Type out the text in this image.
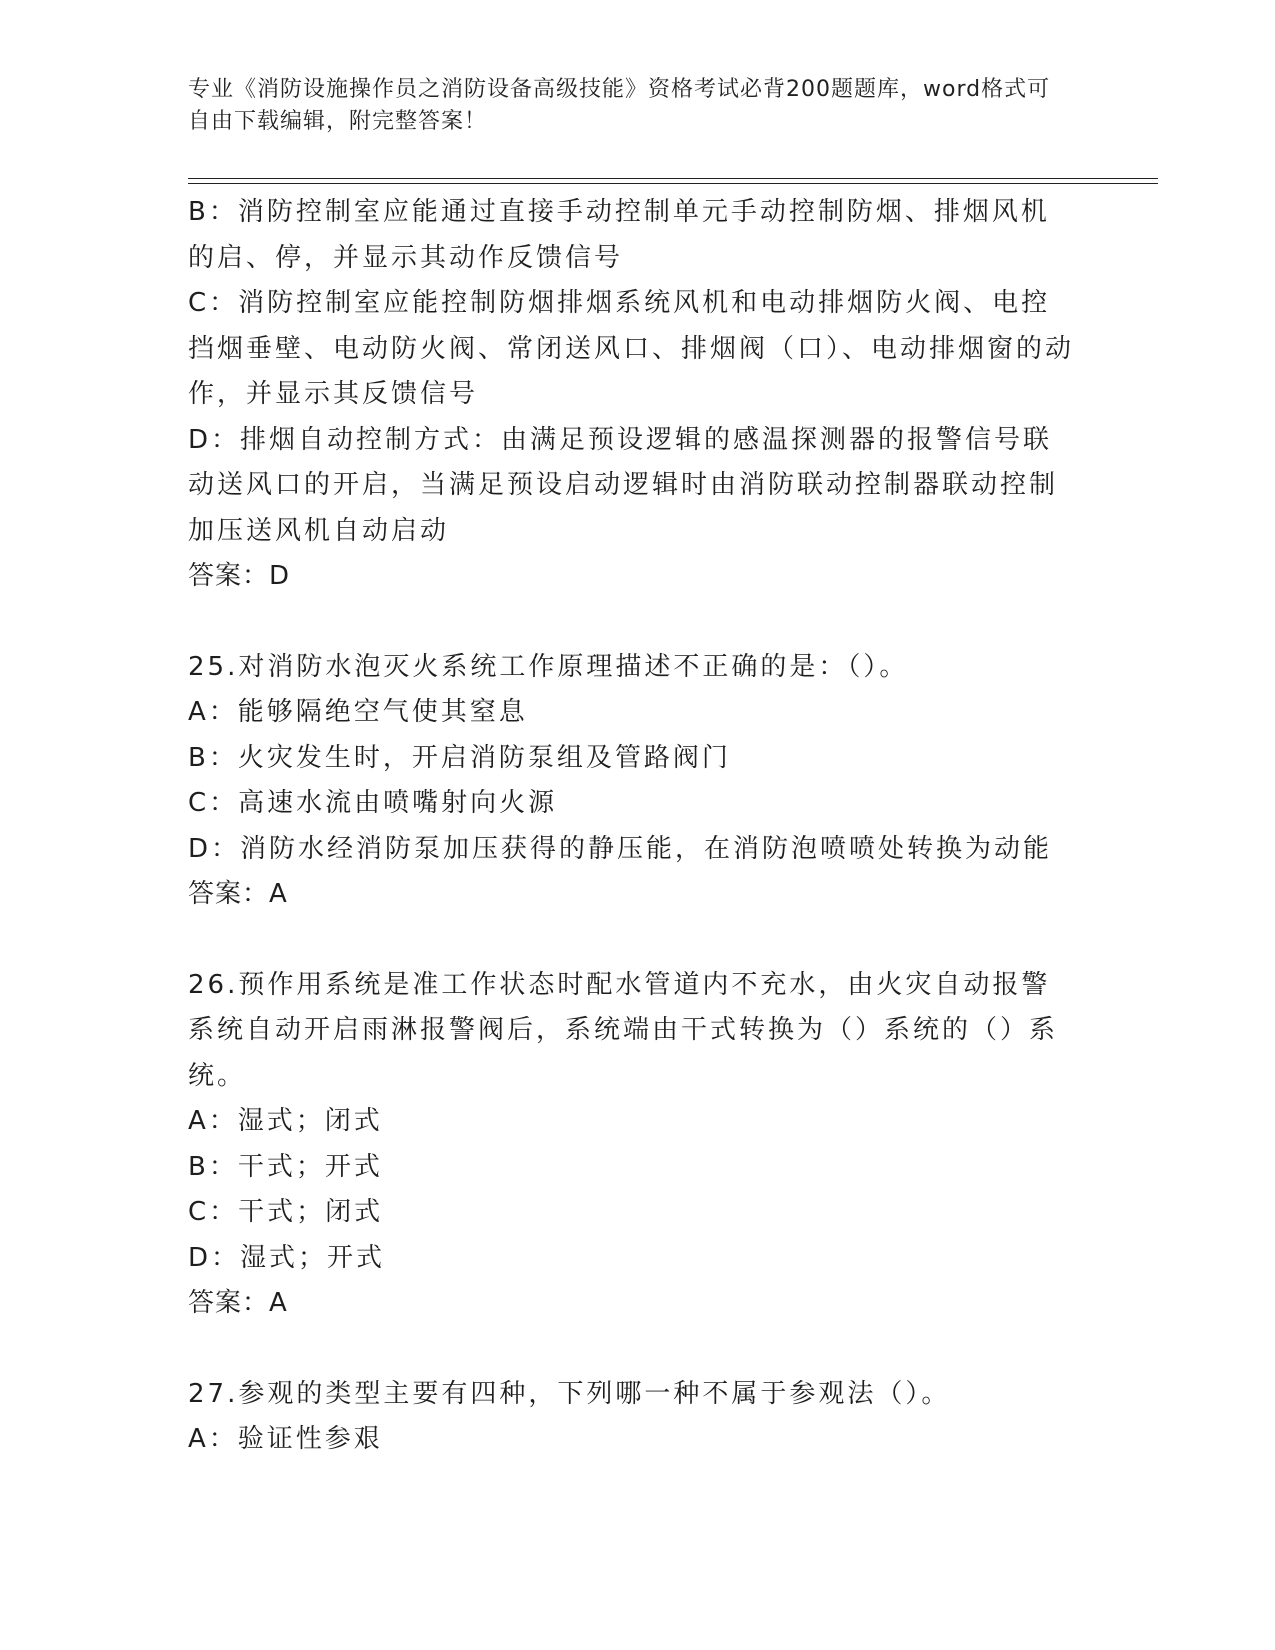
专业《消防设施操作员之消防设备高级技能》资格考试必背200题题库，word格式可自由下载编辑，附完整答案！

B：消防控制室应能通过直接手动控制单元手动控制防烟、排烟风机的启、停，并显示其动作反馈信号

C：消防控制室应能控制防烟排烟系统风机和电动排烟防火阀、电控挡烟垂壁、电动防火阀、常闭送风口、排烟阀（口）、电动排烟窗的动作，并显示其反馈信号

D：排烟自动控制方式：由满足预设逻辑的感温探测器的报警信号联动送风口的开启，当满足预设启动逻辑时由消防联动控制器联动控制加压送风机自动启动

答案：D

25.对消防水泡灭火系统工作原理描述不正确的是：（）。

A：能够隔绝空气使其窒息

B：火灾发生时，开启消防泵组及管路阀门

C：高速水流由喷嘴射向火源

D：消防水经消防泵加压获得的静压能，在消防泡喷喷处转换为动能

答案：A

26.预作用系统是准工作状态时配水管道内不充水，由火灾自动报警系统自动开启雨淋报警阀后，系统端由干式转换为（）系统的（）系统。

A：湿式；闭式

B：干式；开式

C：干式；闭式

D：湿式；开式

答案：A

27.参观的类型主要有四种，下列哪一种不属于参观法（）。

A：验证性参艰
